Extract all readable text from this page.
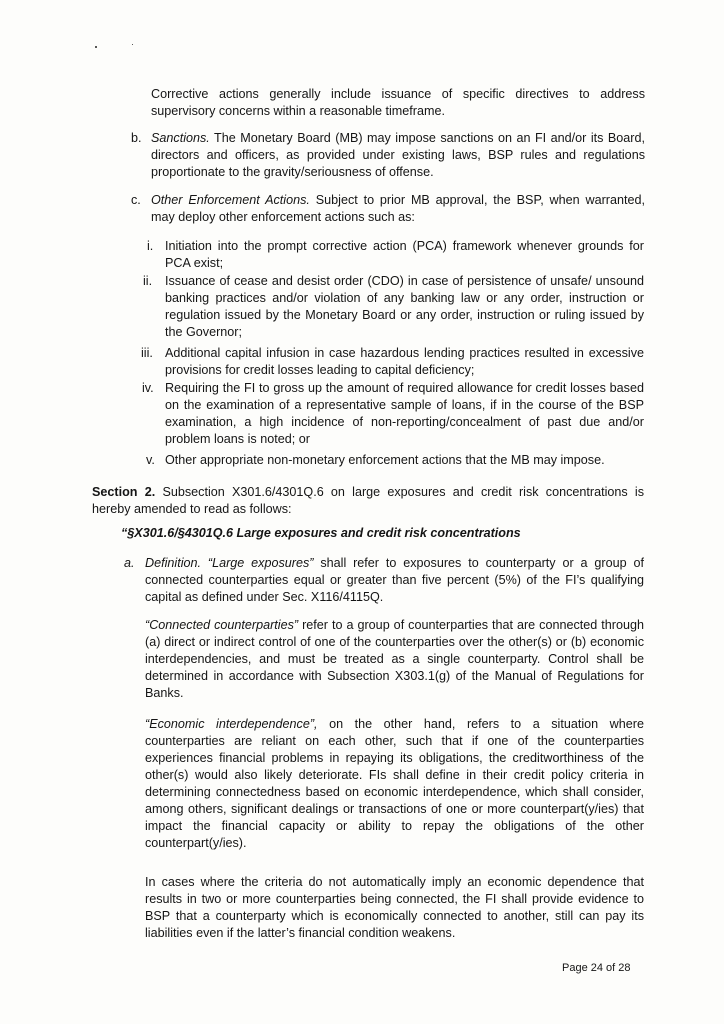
Corrective actions generally include issuance of specific directives to address supervisory concerns within a reasonable timeframe.
b. Sanctions. The Monetary Board (MB) may impose sanctions on an FI and/or its Board, directors and officers, as provided under existing laws, BSP rules and regulations proportionate to the gravity/seriousness of offense.
c. Other Enforcement Actions. Subject to prior MB approval, the BSP, when warranted, may deploy other enforcement actions such as:
i. Initiation into the prompt corrective action (PCA) framework whenever grounds for PCA exist;
ii. Issuance of cease and desist order (CDO) in case of persistence of unsafe/ unsound banking practices and/or violation of any banking law or any order, instruction or regulation issued by the Monetary Board or any order, instruction or ruling issued by the Governor;
iii. Additional capital infusion in case hazardous lending practices resulted in excessive provisions for credit losses leading to capital deficiency;
iv. Requiring the FI to gross up the amount of required allowance for credit losses based on the examination of a representative sample of loans, if in the course of the BSP examination, a high incidence of non-reporting/concealment of past due and/or problem loans is noted; or
v. Other appropriate non-monetary enforcement actions that the MB may impose.
Section 2. Subsection X301.6/4301Q.6 on large exposures and credit risk concentrations is hereby amended to read as follows:
“§X301.6/§4301Q.6 Large exposures and credit risk concentrations
a. Definition. “Large exposures” shall refer to exposures to counterparty or a group of connected counterparties equal or greater than five percent (5%) of the FI’s qualifying capital as defined under Sec. X116/4115Q.
“Connected counterparties” refer to a group of counterparties that are connected through (a) direct or indirect control of one of the counterparties over the other(s) or (b) economic interdependencies, and must be treated as a single counterparty. Control shall be determined in accordance with Subsection X303.1(g) of the Manual of Regulations for Banks.
“Economic interdependence”, on the other hand, refers to a situation where counterparties are reliant on each other, such that if one of the counterparties experiences financial problems in repaying its obligations, the creditworthiness of the other(s) would also likely deteriorate. FIs shall define in their credit policy criteria in determining connectedness based on economic interdependence, which shall consider, among others, significant dealings or transactions of one or more counterpart(y/ies) that impact the financial capacity or ability to repay the obligations of the other counterpart(y/ies).
In cases where the criteria do not automatically imply an economic dependence that results in two or more counterparties being connected, the FI shall provide evidence to BSP that a counterparty which is economically connected to another, still can pay its liabilities even if the latter’s financial condition weakens.
Page 24 of 28
